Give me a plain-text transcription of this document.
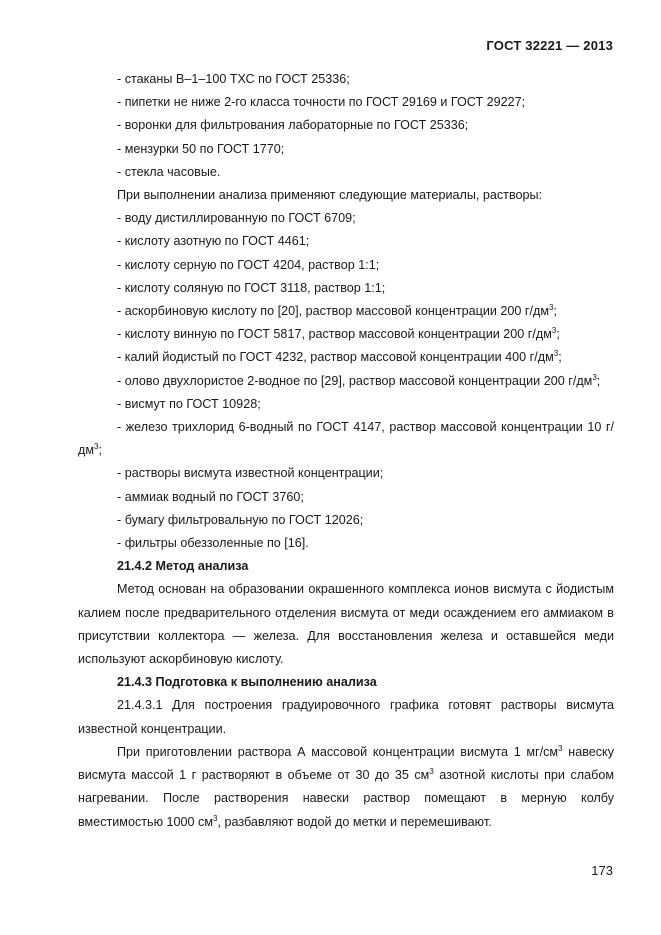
ГОСТ 32221 — 2013

- стаканы В–1–100 ТХС по ГОСТ 25336;

- пипетки не ниже 2-го класса точности по ГОСТ 29169 и ГОСТ 29227;

- воронки для фильтрования лабораторные по ГОСТ 25336;

- мензурки 50 по ГОСТ 1770;

- стекла часовые.

При выполнении анализа применяют следующие материалы, растворы:

- воду дистиллированную по ГОСТ 6709;

- кислоту азотную по ГОСТ 4461;

- кислоту серную по ГОСТ 4204, раствор 1:1;

- кислоту соляную по ГОСТ 3118, раствор 1:1;

- аскорбиновую кислоту по [20], раствор массовой концентрации 200 $г/дм^3$;

- кислоту винную по ГОСТ 5817, раствор массовой концентрации 200 $г/дм^3$;

- калий йодистый по ГОСТ 4232, раствор массовой концентрации 400 $г/дм^3$;

- олово двухлористое 2-водное по [29], раствор массовой концентрации 200 $г/дм^3$;

- висмут по ГОСТ 10928;

- железо трихлорид 6-водный по ГОСТ 4147, раствор массовой концентрации 10 $г/дм^3$;

- растворы висмута известной концентрации;

- аммиак водный по ГОСТ 3760;

- бумагу фильтровальную по ГОСТ 12026;

- фильтры обеззоленные по [16].

21.4.2 Метод анализа

Метод основан на образовании окрашенного комплекса ионов висмута с йодистым калием после предварительного отделения висмута от меди осаждением его аммиаком в присутствии коллектора — железа. Для восстановления железа и оставшейся меди используют аскорбиновую кислоту.

21.4.3 Подготовка к выполнению анализа

21.4.3.1 Для построения градуировочного графика готовят растворы висмута известной концентрации.

При приготовлении раствора А массовой концентрации висмута 1 $мг/см^3$ навеску висмута массой 1 г растворяют в объеме от 30 до 35 $см^3$ азотной кислоты при слабом нагревании. После растворения навески раствор помещают в мерную колбу вместимостью 1000 $см^3$, разбавляют водой до метки и перемешивают.

173
